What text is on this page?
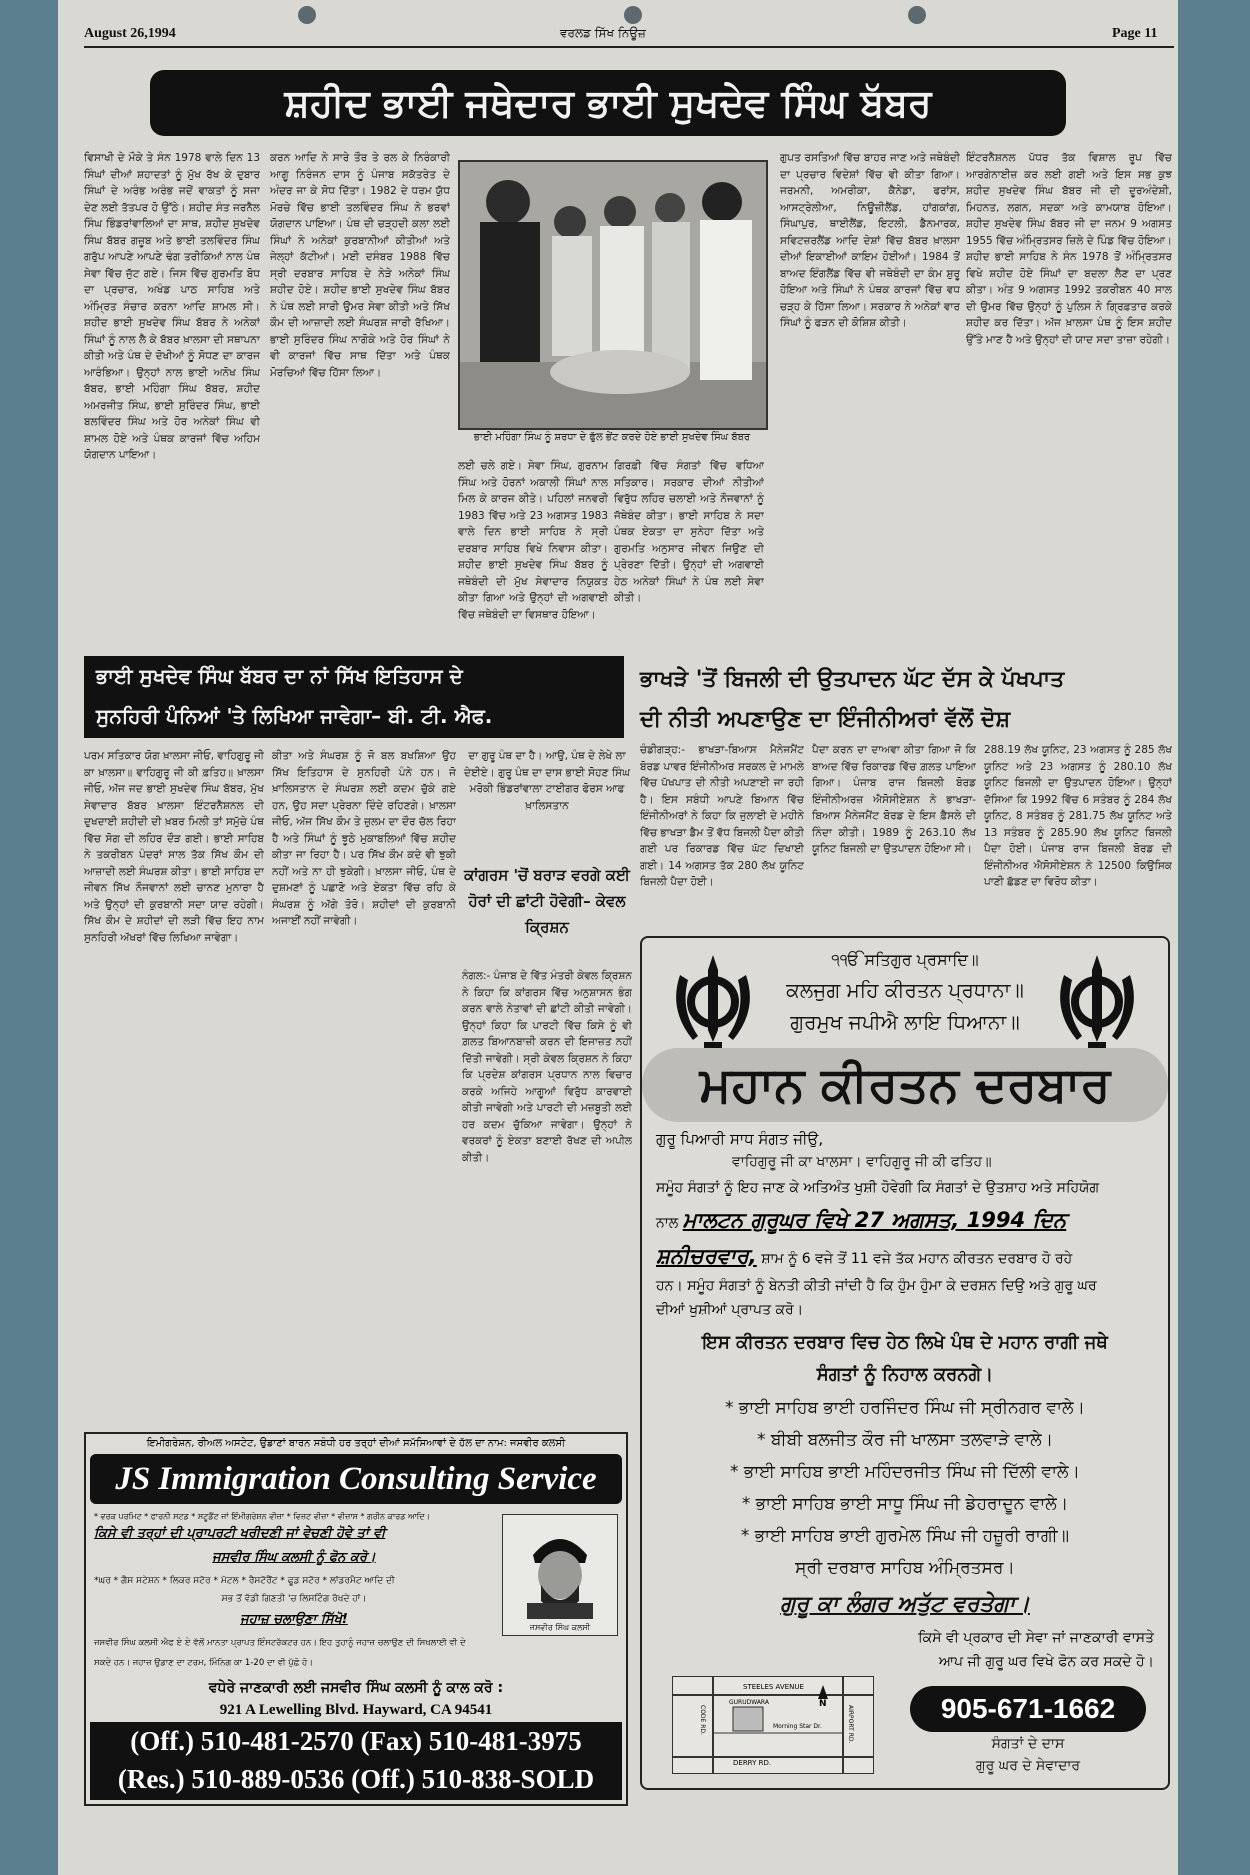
August 26,1994	ਵਰਲਡ ਸਿੱਖ ਨਿਊਜ਼	Page 11
ਸ਼ਹੀਦ ਭਾਈ ਜਥੇਦਾਰ ਭਾਈ ਸੁਖਦੇਵ ਸਿੰਘ ਬੱਬਰ
ਵਿਸਾਖੀ ਦੇ ਮੌਕੇ ਤੇ ਸੰਨ 1978 ਵਾਲੇ ਦਿਨ 13 ਸਿੰਘਾਂ ਦੀਆਂ ਸ਼ਹਾਦਤਾਂ ਨੂੰ ਮੁੱਖ ਰੱਖ ਕੇ ਦੁਬਾਰ ਸਿੰਘਾਂ ਦੇ ਅਰੰਭ ਅਰੰਭ ਜਦੋਂ ਵਾਕਤਾਂ ਨੂੰ ਸਜਾ ਦੇਣ ਲਈ ਤੱਤਪਰ ਹੋ ਉੱਠੇ। ਸ਼ਹੀਦ ਸੰਤ ਜਰਨੈਲ ਸਿੰਘ ਭਿੰਡਰਾਂਵਾਲਿਆਂ ਦਾ ਸਾਥ, ਸ਼ਹੀਦ ਸੁਖਦੇਵ ਸਿੰਘ ਬੱਬਰ ਗਜ਼ੂਬ ਅਤੇ ਭਾਈ ਤਲਵਿੰਦਰ ਸਿੰਘ ਗਰੁੱਪ ਆਪਣੇ ਆਪਣੇ ਢੰਗ ਤਰੀਕਿਆਂ ਨਾਲ ਪੰਥ ਸੇਵਾ ਵਿੱਚ ਜੁੱਟ ਗਏ। ਜਿਸ ਵਿੱਚ ਗੁਰਮਤਿ ਬੋਧ ਦਾ ਪ੍ਰਚਾਰ, ਅਖੰਡ ਪਾਠ ਸਾਹਿਬ ਅਤੇ ਅੰਮ੍ਰਿਤ ਸੰਚਾਰ ਕਰਨਾ ਆਦਿ ਸ਼ਾਮਲ ਸੀ। ਸ਼ਹੀਦ ਭਾਈ ਸੁਖਦੇਵ ਸਿੰਘ ਬੱਬਰ ਨੇ ਅਨੇਕਾਂ ਸਿੰਘਾਂ ਨੂੰ ਨਾਲ ਲੈ ਕੇ ਬੱਬਰ ਖ਼ਾਲਸਾ ਦੀ ਸਥਾਪਨਾ ਕੀਤੀ ਅਤੇ ਪੰਥ ਦੇ ਦੋਖੀਆਂ ਨੂੰ ਸੋਧਣ ਦਾ ਕਾਰਜ ਆਰੰਭਿਆ। ਉਨ੍ਹਾਂ ਨਾਲ ਭਾਈ ਅਨੋਖ ਸਿੰਘ ਬੱਬਰ, ਭਾਈ ਮਹਿੰਗਾ ਸਿੰਘ ਬੱਬਰ, ਸ਼ਹੀਦ ਅਮਰਜੀਤ ਸਿੰਘ, ਭਾਈ ਸੁਰਿੰਦਰ ਸਿੰਘ, ਭਾਈ ਬਲਵਿੰਦਰ ਸਿੰਘ ਅਤੇ ਹੋਰ ਅਨੇਕਾਂ ਸਿੰਘ ਵੀ ਸ਼ਾਮਲ ਹੋਏ ਅਤੇ ਪੰਥਕ ਕਾਰਜਾਂ ਵਿੱਚ ਅਹਿਮ ਯੋਗਦਾਨ ਪਾਇਆ।
ਕਰਨ ਆਦਿ ਨੇ ਸਾਰੇ ਤੌਰ ਤੇ ਰਲ ਕੇ ਨਿਰੰਕਾਰੀ ਆਗੂ ਨਿਰੰਜਨ ਦਾਸ ਨੂੰ ਪੰਜਾਬ ਸਕੱਤਰੇਤ ਦੇ ਅੰਦਰ ਜਾ ਕੇ ਸੋਧ ਦਿੱਤਾ। 1982 ਦੇ ਧਰਮ ਯੁੱਧ ਮੋਰਚੇ ਵਿੱਚ ਭਾਈ ਤਲਵਿੰਦਰ ਸਿੰਘ ਨੇ ਭਰਵਾਂ ਯੋਗਦਾਨ ਪਾਇਆ। ਪੰਥ ਦੀ ਚੜ੍ਹਦੀ ਕਲਾ ਲਈ ਸਿੰਘਾਂ ਨੇ ਅਨੇਕਾਂ ਕੁਰਬਾਨੀਆਂ ਕੀਤੀਆਂ ਅਤੇ ਜੇਲ੍ਹਾਂ ਕੱਟੀਆਂ। ਮਈ ਦਸੰਬਰ 1988 ਵਿੱਚ ਸ੍ਰੀ ਦਰਬਾਰ ਸਾਹਿਬ ਦੇ ਨੇੜੇ ਅਨੇਕਾਂ ਸਿੰਘ ਸ਼ਹੀਦ ਹੋਏ। ਸ਼ਹੀਦ ਭਾਈ ਸੁਖਦੇਵ ਸਿੰਘ ਬੱਬਰ ਨੇ ਪੰਥ ਲਈ ਸਾਰੀ ਉਮਰ ਸੇਵਾ ਕੀਤੀ ਅਤੇ ਸਿੱਖ ਕੌਮ ਦੀ ਆਜ਼ਾਦੀ ਲਈ ਸੰਘਰਸ਼ ਜਾਰੀ ਰੱਖਿਆ। ਭਾਈ ਸੁਰਿੰਦਰ ਸਿੰਘ ਨਾਗੋਕੇ ਅਤੇ ਹੋਰ ਸਿੰਘਾਂ ਨੇ ਵੀ ਕਾਰਜਾਂ ਵਿੱਚ ਸਾਥ ਦਿੱਤਾ ਅਤੇ ਪੰਥਕ ਮੋਰਚਿਆਂ ਵਿੱਚ ਹਿੱਸਾ ਲਿਆ।
ਭਾਈ ਮਹਿੰਗਾ ਸਿੰਘ ਨੂੰ ਸ਼ਰਧਾ ਦੇ ਫੁੱਲ ਭੇਂਟ ਕਰਦੇ ਹੋਏ ਭਾਈ ਸੁਖਦੇਵ ਸਿੰਘ ਬੱਬਰ
ਲਈ ਚਲੇ ਗਏ। ਸੇਵਾ ਸਿੰਘ, ਗੁਰਨਾਮ ਸਿੰਘ ਅਤੇ ਹੋਰਨਾਂ ਅਕਾਲੀ ਸਿੰਘਾਂ ਨਾਲ ਮਿਲ ਕੇ ਕਾਰਜ ਕੀਤੇ। ਪਹਿਲਾਂ ਜਨਵਰੀ 1983 ਵਿੱਚ ਅਤੇ 23 ਅਗਸਤ 1983 ਵਾਲੇ ਦਿਨ ਭਾਈ ਸਾਹਿਬ ਨੇ ਸ੍ਰੀ ਦਰਬਾਰ ਸਾਹਿਬ ਵਿਖੇ ਨਿਵਾਸ ਕੀਤਾ। ਸ਼ਹੀਦ ਭਾਈ ਸੁਖਦੇਵ ਸਿੰਘ ਬੱਬਰ ਨੂੰ ਜਥੇਬੰਦੀ ਦੀ ਮੁੱਖ ਸੇਵਾਦਾਰ ਨਿਯੁਕਤ ਕੀਤਾ ਗਿਆ ਅਤੇ ਉਨ੍ਹਾਂ ਦੀ ਅਗਵਾਈ ਵਿੱਚ ਜਥੇਬੰਦੀ ਦਾ ਵਿਸਥਾਰ ਹੋਇਆ।
ਗਿਰਫ਼ੀ ਵਿੱਚ ਸੰਗਤਾਂ ਵਿੱਚ ਵਧਿਆ ਸਤਿਕਾਰ। ਸਰਕਾਰ ਦੀਆਂ ਨੀਤੀਆਂ ਵਿਰੁੱਧ ਲਹਿਰ ਚਲਾਈ ਅਤੇ ਨੌਜਵਾਨਾਂ ਨੂੰ ਜੱਥੇਬੰਦ ਕੀਤਾ। ਭਾਈ ਸਾਹਿਬ ਨੇ ਸਦਾ ਪੰਥਕ ਏਕਤਾ ਦਾ ਸੁਨੇਹਾ ਦਿੱਤਾ ਅਤੇ ਗੁਰਮਤਿ ਅਨੁਸਾਰ ਜੀਵਨ ਜਿਉਣ ਦੀ ਪ੍ਰੇਰਣਾ ਦਿੱਤੀ। ਉਨ੍ਹਾਂ ਦੀ ਅਗਵਾਈ ਹੇਠ ਅਨੇਕਾਂ ਸਿੰਘਾਂ ਨੇ ਪੰਥ ਲਈ ਸੇਵਾ ਕੀਤੀ।
ਗੁਪਤ ਰਸਤਿਆਂ ਵਿੱਚ ਬਾਹਰ ਜਾਣ ਅਤੇ ਜਥੇਬੰਦੀ ਦਾ ਪ੍ਰਚਾਰ ਵਿਦੇਸ਼ਾਂ ਵਿੱਚ ਵੀ ਕੀਤਾ ਗਿਆ। ਜਰਮਨੀ, ਅਮਰੀਕਾ, ਕੈਨੇਡਾ, ਫਰਾਂਸ, ਆਸਟ੍ਰੇਲੀਆ, ਨਿਊਜ਼ੀਲੈਂਡ, ਹਾਂਗਕਾਂਗ, ਸਿੰਘਾਪੁਰ, ਥਾਈਲੈਂਡ, ਇਟਲੀ, ਡੈਨਮਾਰਕ, ਸਵਿਟਜ਼ਰਲੈਂਡ ਆਦਿ ਦੇਸ਼ਾਂ ਵਿੱਚ ਬੱਬਰ ਖ਼ਾਲਸਾ ਦੀਆਂ ਇਕਾਈਆਂ ਕਾਇਮ ਹੋਈਆਂ। 1984 ਤੋਂ ਬਾਅਦ ਇੰਗਲੈਂਡ ਵਿੱਚ ਵੀ ਜਥੇਬੰਦੀ ਦਾ ਕੰਮ ਸ਼ੁਰੂ ਹੋਇਆ ਅਤੇ ਸਿੰਘਾਂ ਨੇ ਪੰਥਕ ਕਾਰਜਾਂ ਵਿੱਚ ਵਧ ਚੜ੍ਹ ਕੇ ਹਿੱਸਾ ਲਿਆ। ਸਰਕਾਰ ਨੇ ਅਨੇਕਾਂ ਵਾਰ ਸਿੰਘਾਂ ਨੂੰ ਫੜਨ ਦੀ ਕੋਸ਼ਿਸ਼ ਕੀਤੀ।
ਇੰਟਰਨੈਸ਼ਨਲ ਪੱਧਰ ਤੱਕ ਵਿਸ਼ਾਲ ਰੂਪ ਵਿੱਚ ਆਰਗੇਨਾਈਜ਼ ਕਰ ਲਈ ਗਈ ਅਤੇ ਇਸ ਸਭ ਕੁਝ ਸ਼ਹੀਦ ਸੁਖਦੇਵ ਸਿੰਘ ਬੱਬਰ ਜੀ ਦੀ ਦੂਰਅੰਦੇਸ਼ੀ, ਮਿਹਨਤ, ਲਗਨ, ਸਦਕਾ ਅਤੇ ਕਾਮਯਾਬ ਹੋਇਆ। ਸ਼ਹੀਦ ਸੁਖਦੇਵ ਸਿੰਘ ਬੱਬਰ ਜੀ ਦਾ ਜਨਮ 9 ਅਗਸਤ 1955 ਵਿੱਚ ਅੰਮ੍ਰਿਤਸਰ ਜ਼ਿਲੇ ਦੇ ਪਿੰਡ ਵਿੱਚ ਹੋਇਆ। ਸ਼ਹੀਦ ਭਾਈ ਸਾਹਿਬ ਨੇ ਸੰਨ 1978 ਤੋਂ ਅੰਮ੍ਰਿਤਸਰ ਵਿਖੇ ਸ਼ਹੀਦ ਹੋਏ ਸਿੰਘਾਂ ਦਾ ਬਦਲਾ ਲੈਣ ਦਾ ਪ੍ਰਣ ਕੀਤਾ। ਅੰਤ 9 ਅਗਸਤ 1992 ਤਕਰੀਬਨ 40 ਸਾਲ ਦੀ ਉਮਰ ਵਿੱਚ ਉਨ੍ਹਾਂ ਨੂੰ ਪੁਲਿਸ ਨੇ ਗ੍ਰਿਫ਼ਤਾਰ ਕਰਕੇ ਸ਼ਹੀਦ ਕਰ ਦਿੱਤਾ। ਅੱਜ ਖ਼ਾਲਸਾ ਪੰਥ ਨੂੰ ਇਸ ਸ਼ਹੀਦ ਉੱਤੇ ਮਾਣ ਹੈ ਅਤੇ ਉਨ੍ਹਾਂ ਦੀ ਯਾਦ ਸਦਾ ਤਾਜ਼ਾ ਰਹੇਗੀ।
ਭਾਈ ਸੁਖਦੇਵ ਸਿੰਘ ਬੱਬਰ ਦਾ ਨਾਂ ਸਿੱਖ ਇਤਿਹਾਸ ਦੇ
ਸੁਨਹਿਰੀ ਪੰਨਿਆਂ 'ਤੇ ਲਿਖਿਆ ਜਾਵੇਗਾ– ਬੀ. ਟੀ. ਐਫ.
ਭਾਖੜੇ 'ਤੋਂ ਬਿਜਲੀ ਦੀ ਉਤਪਾਦਨ ਘੱਟ ਦੱਸ ਕੇ ਪੱਖਪਾਤ
ਦੀ ਨੀਤੀ ਅਪਣਾਉਣ ਦਾ ਇੰਜੀਨੀਅਰਾਂ ਵੱਲੋਂ ਦੋਸ਼
ਪਰਮ ਸਤਿਕਾਰ ਯੋਗ ਖ਼ਾਲਸਾ ਜੀਓ, ਵਾਹਿਗੁਰੂ ਜੀ ਕਾ ਖ਼ਾਲਸਾ॥ ਵਾਹਿਗੁਰੂ ਜੀ ਕੀ ਫ਼ਤਿਹ॥ ਖ਼ਾਲਸਾ ਜੀਓ, ਅੱਜ ਜਦ ਭਾਈ ਸੁਖਦੇਵ ਸਿੰਘ ਬੱਬਰ, ਮੁੱਖ ਸੇਵਾਦਾਰ ਬੱਬਰ ਖ਼ਾਲਸਾ ਇੰਟਰਨੈਸ਼ਨਲ ਦੀ ਦੁਖਦਾਈ ਸ਼ਹੀਦੀ ਦੀ ਖ਼ਬਰ ਮਿਲੀ ਤਾਂ ਸਮੁੱਚੇ ਪੰਥ ਵਿੱਚ ਸੋਗ ਦੀ ਲਹਿਰ ਦੌੜ ਗਈ। ਭਾਈ ਸਾਹਿਬ ਨੇ ਤਕਰੀਬਨ ਪੰਦਰਾਂ ਸਾਲ ਤੱਕ ਸਿੱਖ ਕੌਮ ਦੀ ਆਜ਼ਾਦੀ ਲਈ ਸੰਘਰਸ਼ ਕੀਤਾ। ਭਾਈ ਸਾਹਿਬ ਦਾ ਜੀਵਨ ਸਿੱਖ ਨੌਜਵਾਨਾਂ ਲਈ ਚਾਨਣ ਮੁਨਾਰਾ ਹੈ ਅਤੇ ਉਨ੍ਹਾਂ ਦੀ ਕੁਰਬਾਨੀ ਸਦਾ ਯਾਦ ਰਹੇਗੀ। ਸਿੱਖ ਕੌਮ ਦੇ ਸ਼ਹੀਦਾਂ ਦੀ ਲੜੀ ਵਿੱਚ ਇਹ ਨਾਮ ਸੁਨਹਿਰੀ ਅੱਖਰਾਂ ਵਿੱਚ ਲਿਖਿਆ ਜਾਵੇਗਾ।
ਕੀਤਾ ਅਤੇ ਸੰਘਰਸ਼ ਨੂੰ ਜੋ ਬਲ ਬਖਸ਼ਿਆ ਉਹ ਸਿੱਖ ਇਤਿਹਾਸ ਦੇ ਸੁਨਹਿਰੀ ਪੰਨੇ ਹਨ। ਜੋ ਖ਼ਾਲਿਸਤਾਨ ਦੇ ਸੰਘਰਸ਼ ਲਈ ਕਦਮ ਚੁੱਕੇ ਗਏ ਹਨ, ਉਹ ਸਦਾ ਪ੍ਰੇਰਨਾ ਦਿੰਦੇ ਰਹਿਣਗੇ। ਖ਼ਾਲਸਾ ਜੀਓ, ਅੱਜ ਸਿੱਖ ਕੌਮ ਤੇ ਜ਼ੁਲਮ ਦਾ ਦੌਰ ਚੱਲ ਰਿਹਾ ਹੈ ਅਤੇ ਸਿੰਘਾਂ ਨੂੰ ਝੂਠੇ ਮੁਕਾਬਲਿਆਂ ਵਿੱਚ ਸ਼ਹੀਦ ਕੀਤਾ ਜਾ ਰਿਹਾ ਹੈ। ਪਰ ਸਿੱਖ ਕੌਮ ਕਦੇ ਵੀ ਝੁਕੀ ਨਹੀਂ ਅਤੇ ਨਾ ਹੀ ਝੁਕੇਗੀ। ਖ਼ਾਲਸਾ ਜੀਓ, ਪੰਥ ਦੇ ਦੁਸ਼ਮਣਾਂ ਨੂੰ ਪਛਾਣੋ ਅਤੇ ਏਕਤਾ ਵਿੱਚ ਰਹਿ ਕੇ ਸੰਘਰਸ਼ ਨੂੰ ਅੱਗੇ ਤੋਰੋ। ਸ਼ਹੀਦਾਂ ਦੀ ਕੁਰਬਾਨੀ ਅਜਾਈਂ ਨਹੀਂ ਜਾਵੇਗੀ।
ਦਾ ਗੁਰੂ ਪੰਥ ਦਾ ਹੈ। ਆਉ, ਪੰਥ ਦੇ ਲੇਖੇ ਲਾ ਦੇਈਏ। ਗੁਰੂ ਪੰਥ ਦਾ ਦਾਸ ਭਾਈ ਸੋਹਣ ਸਿੰਘ ਮਰੋਕੀ ਭਿੰਡਰਾਂਵਾਲਾ ਟਾਈਗਰ ਫੋਰਸ ਆਫ ਖ਼ਾਲਿਸਤਾਨ
ਕਾਂਗਰਸ 'ਚੋਂ ਬਰਾੜ ਵਰਗੇ ਕਈ ਹੋਰਾਂ ਦੀ ਛਾਂਟੀ ਹੋਵੇਗੀ– ਕੇਵਲ ਕ੍ਰਿਸ਼ਨ
ਨੰਗਲ:- ਪੰਜਾਬ ਦੇ ਵਿੱਤ ਮੰਤਰੀ ਕੇਵਲ ਕ੍ਰਿਸ਼ਨ ਨੇ ਕਿਹਾ ਕਿ ਕਾਂਗਰਸ ਵਿੱਚ ਅਨੁਸ਼ਾਸਨ ਭੰਗ ਕਰਨ ਵਾਲੇ ਨੇਤਾਵਾਂ ਦੀ ਛਾਂਟੀ ਕੀਤੀ ਜਾਵੇਗੀ। ਉਨ੍ਹਾਂ ਕਿਹਾ ਕਿ ਪਾਰਟੀ ਵਿੱਚ ਕਿਸੇ ਨੂੰ ਵੀ ਗ਼ਲਤ ਬਿਆਨਬਾਜ਼ੀ ਕਰਨ ਦੀ ਇਜਾਜ਼ਤ ਨਹੀਂ ਦਿੱਤੀ ਜਾਵੇਗੀ। ਸ੍ਰੀ ਕੇਵਲ ਕ੍ਰਿਸ਼ਨ ਨੇ ਕਿਹਾ ਕਿ ਪ੍ਰਦੇਸ਼ ਕਾਂਗਰਸ ਪ੍ਰਧਾਨ ਨਾਲ ਵਿਚਾਰ ਕਰਕੇ ਅਜਿਹੇ ਆਗੂਆਂ ਵਿਰੁੱਧ ਕਾਰਵਾਈ ਕੀਤੀ ਜਾਵੇਗੀ ਅਤੇ ਪਾਰਟੀ ਦੀ ਮਜ਼ਬੂਤੀ ਲਈ ਹਰ ਕਦਮ ਚੁੱਕਿਆ ਜਾਵੇਗਾ। ਉਨ੍ਹਾਂ ਨੇ ਵਰਕਰਾਂ ਨੂੰ ਏਕਤਾ ਬਣਾਈ ਰੱਖਣ ਦੀ ਅਪੀਲ ਕੀਤੀ।
ਚੰਡੀਗੜ੍ਹ:- ਭਾਖੜਾ-ਬਿਆਸ ਮੈਨੇਜਮੈਂਟ ਬੋਰਡ ਪਾਵਰ ਇੰਜੀਨੀਅਰ ਸਰਕਲ ਦੇ ਮਾਮਲੇ ਵਿੱਚ ਪੱਖਪਾਤ ਦੀ ਨੀਤੀ ਅਪਣਾਈ ਜਾ ਰਹੀ ਹੈ। ਇਸ ਸਬੰਧੀ ਆਪਣੇ ਬਿਆਨ ਵਿੱਚ ਇੰਜੀਨੀਅਰਾਂ ਨੇ ਕਿਹਾ ਕਿ ਜੁਲਾਈ ਦੇ ਮਹੀਨੇ ਵਿੱਚ ਭਾਖੜਾ ਡੈਮ ਤੋਂ ਵੱਧ ਬਿਜਲੀ ਪੈਦਾ ਕੀਤੀ ਗਈ ਪਰ ਰਿਕਾਰਡ ਵਿੱਚ ਘੱਟ ਦਿਖਾਈ ਗਈ। 14 ਅਗਸਤ ਤੱਕ 280 ਲੱਖ ਯੂਨਿਟ ਬਿਜਲੀ ਪੈਦਾ ਹੋਈ।
ਪੈਦਾ ਕਰਨ ਦਾ ਦਾਅਵਾ ਕੀਤਾ ਗਿਆ ਜੋ ਕਿ ਬਾਅਦ ਵਿੱਚ ਰਿਕਾਰਡ ਵਿੱਚ ਗ਼ਲਤ ਪਾਇਆ ਗਿਆ। ਪੰਜਾਬ ਰਾਜ ਬਿਜਲੀ ਬੋਰਡ ਇੰਜੀਨੀਅਰਜ਼ ਐਸੋਸੀਏਸ਼ਨ ਨੇ ਭਾਖੜਾ-ਬਿਆਸ ਮੈਨੇਜਮੈਂਟ ਬੋਰਡ ਦੇ ਇਸ ਫ਼ੈਸਲੇ ਦੀ ਨਿੰਦਾ ਕੀਤੀ। 1989 ਨੂੰ 263.10 ਲੱਖ ਯੂਨਿਟ ਬਿਜਲੀ ਦਾ ਉਤਪਾਦਨ ਹੋਇਆ ਸੀ।
288.19 ਲੱਖ ਯੂਨਿਟ, 23 ਅਗਸਤ ਨੂੰ 285 ਲੱਖ ਯੂਨਿਟ ਅਤੇ 23 ਅਗਸਤ ਨੂੰ 280.10 ਲੱਖ ਯੂਨਿਟ ਬਿਜਲੀ ਦਾ ਉਤਪਾਦਨ ਹੋਇਆ। ਉਨ੍ਹਾਂ ਦੱਸਿਆ ਕਿ 1992 ਵਿੱਚ 6 ਸਤੰਬਰ ਨੂੰ 284 ਲੱਖ ਯੂਨਿਟ, 8 ਸਤੰਬਰ ਨੂੰ 281.75 ਲੱਖ ਯੂਨਿਟ ਅਤੇ 13 ਸਤੰਬਰ ਨੂੰ 285.90 ਲੱਖ ਯੂਨਿਟ ਬਿਜਲੀ ਪੈਦਾ ਹੋਈ। ਪੰਜਾਬ ਰਾਜ ਬਿਜਲੀ ਬੋਰਡ ਦੀ ਇੰਜੀਨੀਅਰ ਐਸੋਸੀਏਸ਼ਨ ਨੇ 12500 ਕਿਉਸਿਕ ਪਾਣੀ ਛੱਡਣ ਦਾ ਵਿਰੋਧ ਕੀਤਾ।
੧ੴ ਸਤਿਗੁਰ ਪ੍ਰਸਾਦਿ॥
ਕਲਜੁਗ ਮਹਿ ਕੀਰਤਨ ਪ੍ਰਧਾਨਾ॥
ਗੁਰਮੁਖ ਜਪੀਐ ਲਾਇ ਧਿਆਨਾ॥
ਮਹਾਨ ਕੀਰਤਨ ਦਰਬਾਰ
ਗੁਰੂ ਪਿਆਰੀ ਸਾਧ ਸੰਗਤ ਜੀਉ,
ਵਾਹਿਗੁਰੂ ਜੀ ਕਾ ਖਾਲਸਾ। ਵਾਹਿਗੁਰੂ ਜੀ ਕੀ ਫਤਿਹ॥
ਸਮੂੰਹ ਸੰਗਤਾਂ ਨੂੰ ਇਹ ਜਾਣ ਕੇ ਅਤਿਅੰਤ ਖੁਸ਼ੀ ਹੋਵੇਗੀ ਕਿ ਸੰਗਤਾਂ ਦੇ ਉਤਸ਼ਾਹ ਅਤੇ ਸਹਿਯੋਗ
ਨਾਲ ਮਾਲਟਨ ਗੁਰੂਘਰ ਵਿਖੇ 27 ਅਗਸਤ, 1994 ਦਿਨ
ਸ਼ਨੀਚਰਵਾਰ, ਸ਼ਾਮ ਨੂੰ 6 ਵਜੇ ਤੋਂ 11 ਵਜੇ ਤੱਕ ਮਹਾਨ ਕੀਰਤਨ ਦਰਬਾਰ ਹੋ ਰਹੇ
ਹਨ। ਸਮੂੰਹ ਸੰਗਤਾਂ ਨੂੰ ਬੇਨਤੀ ਕੀਤੀ ਜਾਂਦੀ ਹੈ ਕਿ ਹੁੰਮ ਹੁੰਮਾ ਕੇ ਦਰਸ਼ਨ ਦਿਉ ਅਤੇ ਗੁਰੂ ਘਰ
ਦੀਆਂ ਖੁਸ਼ੀਆਂ ਪ੍ਰਾਪਤ ਕਰੋ।
ਇਸ ਕੀਰਤਨ ਦਰਬਾਰ ਵਿਚ ਹੇਠ ਲਿਖੇ ਪੰਥ ਦੇ ਮਹਾਨ ਰਾਗੀ ਜਥੇ
ਸੰਗਤਾਂ ਨੂੰ ਨਿਹਾਲ ਕਰਨਗੇ।
* ਭਾਈ ਸਾਹਿਬ ਭਾਈ ਹਰਜਿੰਦਰ ਸਿੰਘ ਜੀ ਸ੍ਰੀਨਗਰ ਵਾਲੇ।
* ਬੀਬੀ ਬਲਜੀਤ ਕੌਰ ਜੀ ਖਾਲਸਾ ਤਲਵਾੜੇ ਵਾਲੇ।
* ਭਾਈ ਸਾਹਿਬ ਭਾਈ ਮਹਿੰਦਰਜੀਤ ਸਿੰਘ ਜੀ ਦਿੱਲੀ ਵਾਲੇ।
* ਭਾਈ ਸਾਹਿਬ ਭਾਈ ਸਾਧੂ ਸਿੰਘ ਜੀ ਡੇਹਰਾਦੂਨ ਵਾਲੇ।
* ਭਾਈ ਸਾਹਿਬ ਭਾਈ ਗੁਰਮੇਲ ਸਿੰਘ ਜੀ ਹਜ਼ੂਰੀ ਰਾਗੀ॥
ਸ੍ਰੀ ਦਰਬਾਰ ਸਾਹਿਬ ਅੰਮ੍ਰਿਤਸਰ।
ਗੁਰੂ ਕਾ ਲੰਗਰ ਅਤੁੱਟ ਵਰਤੇਗਾ।
ਕਿਸੇ ਵੀ ਪ੍ਰਕਾਰ ਦੀ ਸੇਵਾ ਜਾਂ ਜਾਣਕਾਰੀ ਵਾਸਤੇ
ਆਪ ਜੀ ਗੁਰੂ ਘਰ ਵਿਖੇ ਫੋਨ ਕਰ ਸਕਦੇ ਹੋ।
STEELES AVENUE
DERRY RD.
CODE RD.
GURUDWARA
Morning Star Dr.	AIRPORT RD.
N	905-671-1662
ਸੰਗਤਾਂ ਦੇ ਦਾਸ
ਗੁਰੂ ਘਰ ਦੇ ਸੇਵਾਦਾਰ
ਇਮੀਗਰੇਸ਼ਨ, ਰੀਅਲ ਅਸਟੇਟ, ਉਡਾਣਾਂ ਬਾਰਨ ਸਬੰਧੀ ਹਰ ਤਰ੍ਹਾਂ ਦੀਆਂ ਸਮੱਸਿਆਵਾਂ ਦੇ ਹੱਲ ਦਾ ਨਾਮ: ਜਸਵੀਰ ਕਲਸੀ
JS Immigration Consulting Service
* ਵਰਕ ਪਰਮਿਟ * ਫਾਰਨੀ ਸਟਡ * ਸਟੂਡੈਂਟ ਜਾਂ ਇੰਮੀਗਰੇਸ਼ਨ ਵੀਜ਼ਾ * ਵਿਜ਼ਟ ਵੀਜ਼ਾ * ਵੀਜ਼ਾਸ * ਗਰੀਨ ਕਾਰਡ ਆਦਿ।
ਕਿਸੇ ਵੀ ਤਰ੍ਹਾਂ ਦੀ ਪ੍ਰਾਪਰਟੀ ਖਰੀਦਣੀ ਜਾਂ ਵੇਚਣੀ ਹੋਵੇ ਤਾਂ ਵੀ
ਜਸਵੀਰ ਸਿੰਘ ਕਲਸੀ ਨੂੰ ਫੋਨ ਕਰੋ।
*ਘਰ * ਗੈਸ ਸਟੇਸ਼ਨ * ਲਿਕਰ ਸਟੋਰ * ਮੋਟਲ * ਰੈਸਟੋਰੈਂਟ * ਫੂਡ ਸਟੋਰ * ਲਾਂਡਰਮੈਟ ਆਦਿ ਦੀ
ਸਭ ਤੋਂ ਵੱਡੀ ਗਿਣਤੀ 'ਚ ਲਿਸਟਿੰਗ ਰੱਖਦੇ ਹਾਂ।
ਜਹਾਜ਼ ਚਲਾਉਣਾ ਸਿੱਖੋ!
ਜਸਵੀਰ ਸਿੰਘ ਕਲਸੀ ਐਫ ਏ ਏ ਵੱਲੋਂ ਮਾਨਤਾ ਪ੍ਰਾਪਤ ਇੰਸਟਰੱਕਟਰ ਹਨ। ਇਹ ਤੁਹਾਨੂੰ ਜਹਾਜ਼ ਚਲਾਉਣ ਦੀ ਸਿਖਲਾਈ ਵੀ ਦੇ
ਸਕਦੇ ਹਨ। ਜਹਾਜ਼ ਉਡਾਣ ਦਾ ਟਰਮ, ਮਿੰਨਿਗ ਕਾ 1-20 ਦਾ ਵੀ ਪੁੱਛੋ ਹੋ।
ਜਸਵੀਰ ਸਿੰਘ ਕਲਸੀ
ਵਧੇਰੇ ਜਾਣਕਾਰੀ ਲਈ ਜਸਵੀਰ ਸਿੰਘ ਕਲਸੀ ਨੂੰ ਕਾਲ ਕਰੋ :
921 A Lewelling Blvd. Hayward, CA 94541
(Off.) 510-481-2570 (Fax) 510-481-3975
(Res.) 510-889-0536 (Off.) 510-838-SOLD
